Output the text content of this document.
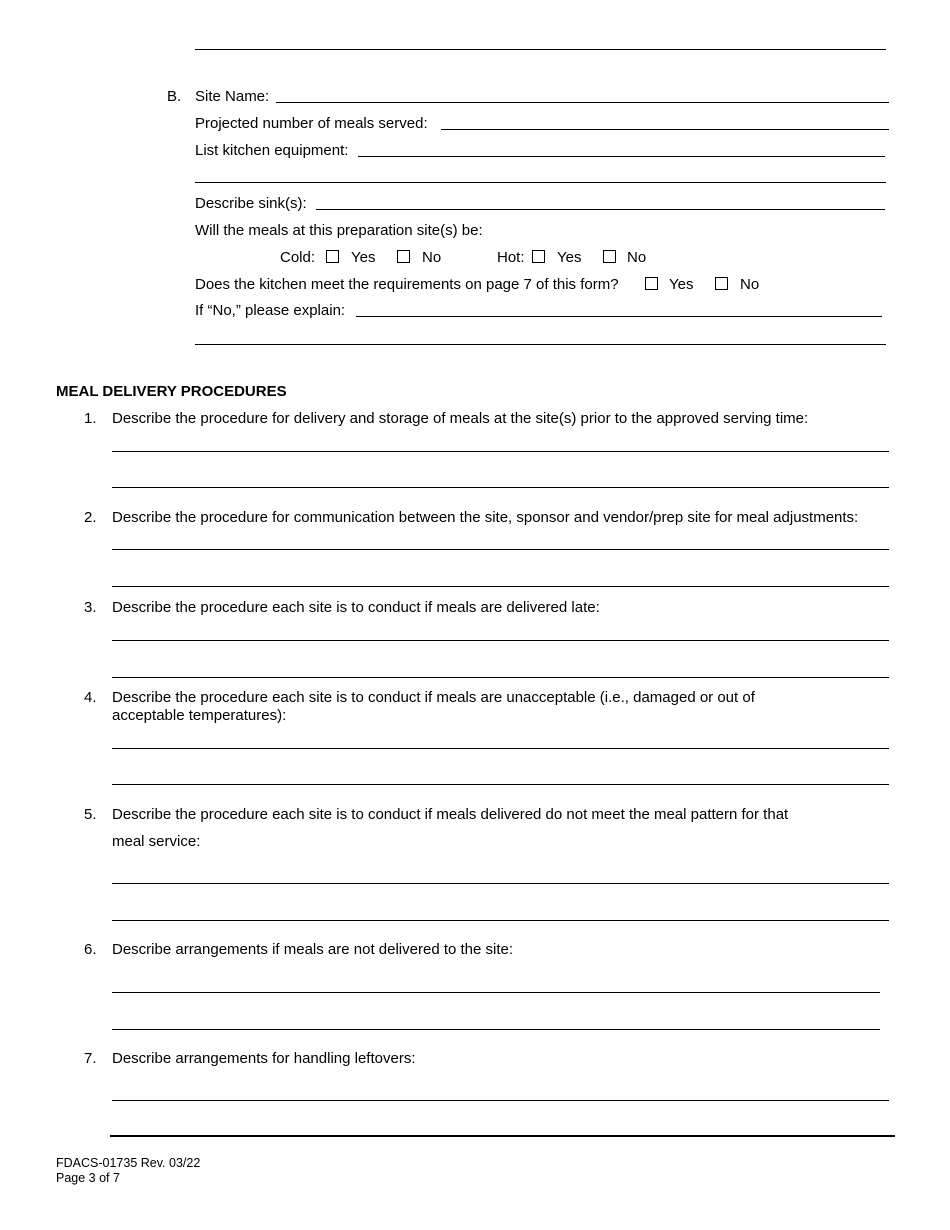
B. Site Name:
Projected number of meals served:
List kitchen equipment:
Describe sink(s):
Will the meals at this preparation site(s) be:
Cold: Yes	No	Hot: Yes	No
Does the kitchen meet the requirements on page 7 of this form?	Yes	No
If “No,” please explain:
MEAL DELIVERY PROCEDURES
1. Describe the procedure for delivery and storage of meals at the site(s) prior to the approved serving time:
2. Describe the procedure for communication between the site, sponsor and vendor/prep site for meal adjustments:
3. Describe the procedure each site is to conduct if meals are delivered late:
4. Describe the procedure each site is to conduct if meals are unacceptable (i.e., damaged or out of
acceptable temperatures):
5. Describe the procedure each site is to conduct if meals delivered do not meet the meal pattern for that
meal service:
6. Describe arrangements if meals are not delivered to the site:
7. Describe arrangements for handling leftovers:
FDACS-01735 Rev. 03/22
Page 3 of 7
